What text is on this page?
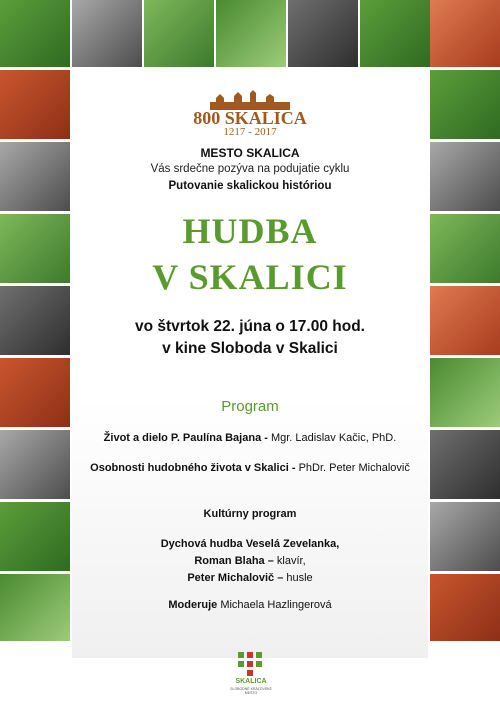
800 SKALICA
1217 - 2017
MESTO SKALICA
Vás srdečne pozýva na podujatie cyklu
Putovanie skalickou históriou
HUDBA
V SKALICI
vo štvrtok 22. júna o 17.00 hod.
v kine Sloboda v Skalici
Program
Život a dielo P. Paulína Bajana - Mgr. Ladislav Kačic, PhD.
Osobnosti hudobného života v Skalici - PhDr. Peter Michalovič
Kultúrny program
Dychová hudba Veselá Zevelanka,
Roman Blaha – klavír,
Peter Michalovič – husle
Moderuje Michaela Hazlingerová
SKALICA
SLOBODNÉ KRÁĽOVSKÉ MESTO
